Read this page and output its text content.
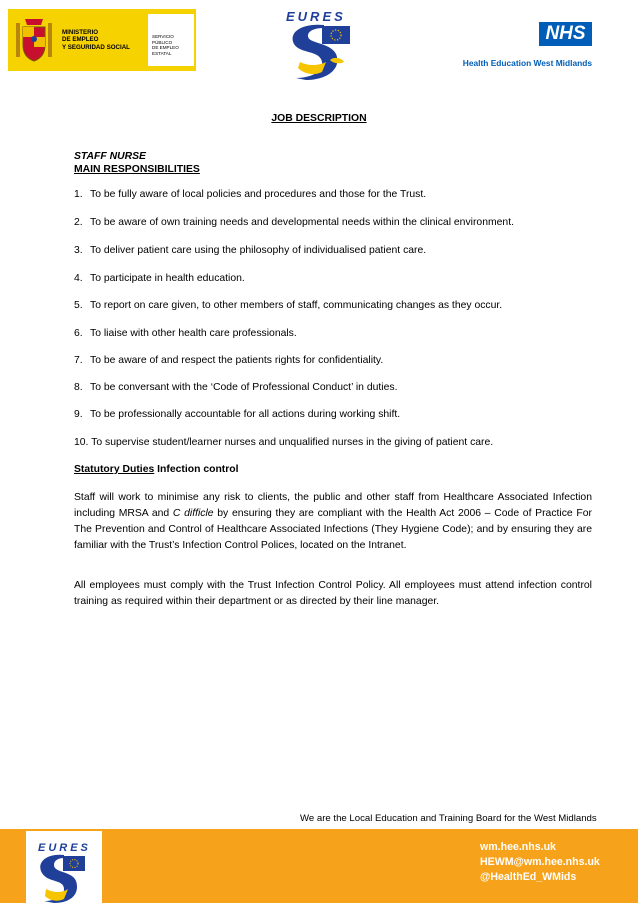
MINISTERIO
DE EMPLEO
Y SEGURIDAD SOCIAL
SERVICIO PÚBLICO
DE EMPLEO ESTATAL
EURES
NHS
Health Education West Midlands
JOB DESCRIPTION
STAFF NURSE
MAIN RESPONSIBILITIES
1. To be fully aware of local policies and procedures and those for the Trust.
2. To be aware of own training needs and developmental needs within the clinical environment.
3. To deliver patient care using the philosophy of individualised patient care.
4. To participate in health education.
5. To report on care given, to other members of staff, communicating changes as they occur.
6. To liaise with other health care professionals.
7. To be aware of and respect the patients rights for confidentiality.
8. To be conversant with the ‘Code of Professional Conduct’ in duties.
9. To be professionally accountable for all actions during working shift.
10. To supervise student/learner nurses and unqualified nurses in the giving of patient care.
Statutory Duties Infection control
Staff will work to minimise any risk to clients, the public and other staff from Healthcare Associated Infection including MRSA and C difficle by ensuring they are compliant with the Health Act 2006 – Code of Practice For The Prevention and Control of Healthcare Associated Infections (They Hygiene Code); and by ensuring they are familiar with the Trust’s Infection Control Polices, located on the Intranet.
All employees must comply with the Trust Infection Control Policy. All employees must attend infection control training as required within their department or as directed by their line manager.
We are the Local Education and Training Board for the West Midlands
EURES	wm.hee.nhs.uk
HEWM@wm.hee.nhs.uk
@HealthEd_WMids
